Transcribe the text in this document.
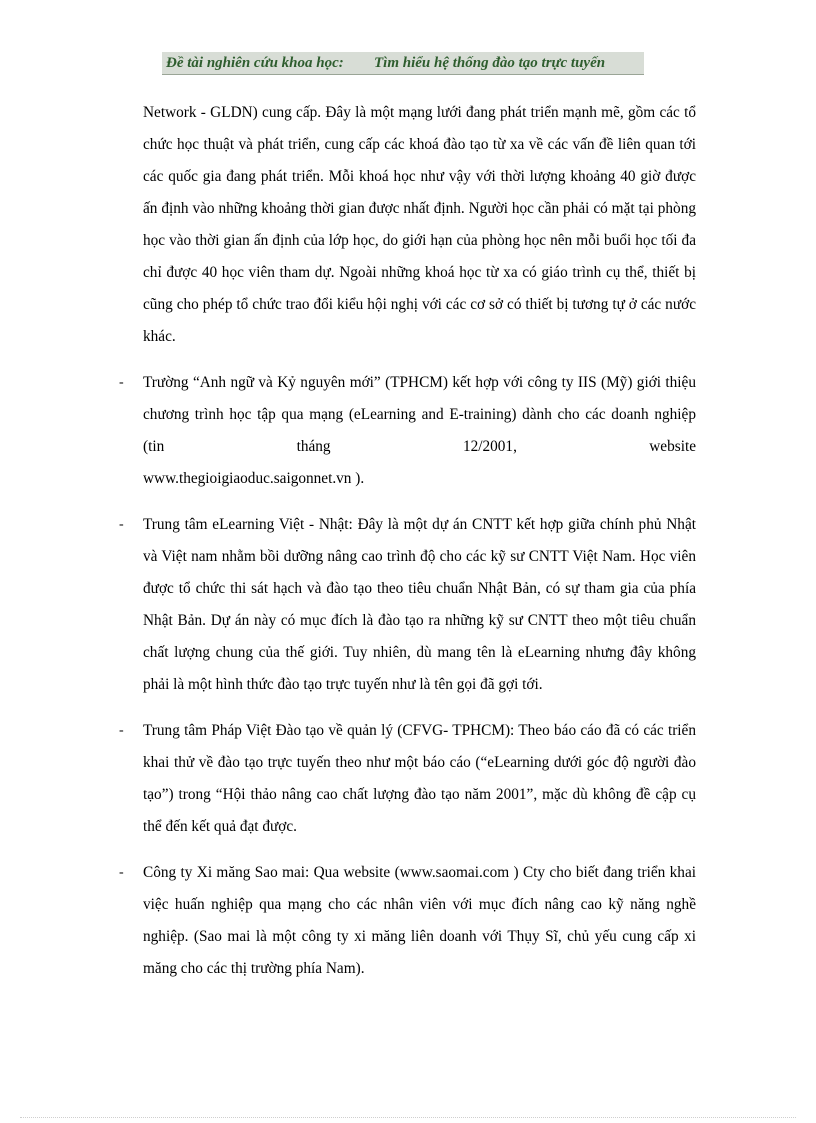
Đề tài nghiên cứu khoa học: Tìm hiểu hệ thống đào tạo trực tuyến
Network - GLDN) cung cấp. Đây là một mạng lưới đang phát triển mạnh mẽ, gồm các tổ chức học thuật và phát triển, cung cấp các khoá đào tạo từ xa về các vấn đề liên quan tới các quốc gia đang phát triển. Mỗi khoá học như vậy với thời lượng khoảng 40 giờ được ấn định vào những khoảng thời gian được nhất định. Người học cần phải có mặt tại phòng học vào thời gian ấn định của lớp học, do giới hạn của phòng học nên mỗi buổi học tối đa chỉ được 40 học viên tham dự. Ngoài những khoá học từ xa có giáo trình cụ thể, thiết bị cũng cho phép tổ chức trao đổi kiểu hội nghị với các cơ sở có thiết bị tương tự ở các nước khác.
- Trường “Anh ngữ và Kỷ nguyên mới” (TPHCM) kết hợp với công ty IIS (Mỹ) giới thiệu chương trình học tập qua mạng (eLearning and E-training) dành cho các doanh nghiệp (tin tháng 12/2001, website
www.thegioigiaoduc.saigonnet.vn ).
- Trung tâm eLearning Việt - Nhật: Đây là một dự án CNTT kết hợp giữa chính phủ Nhật và Việt nam nhằm bồi dưỡng nâng cao trình độ cho các kỹ sư CNTT Việt Nam. Học viên được tổ chức thi sát hạch và đào tạo theo tiêu chuẩn Nhật Bản, có sự tham gia của phía Nhật Bản. Dự án này có mục đích là đào tạo ra những kỹ sư CNTT theo một tiêu chuẩn chất lượng chung của thế giới. Tuy nhiên, dù mang tên là eLearning nhưng đây không phải là một hình thức đào tạo trực tuyến như là tên gọi đã gợi tới.
- Trung tâm Pháp Việt Đào tạo về quản lý (CFVG- TPHCM): Theo báo cáo đã có các triển khai thử về đào tạo trực tuyến theo như một báo cáo (“eLearning dưới góc độ người đào tạo”) trong “Hội thảo nâng cao chất lượng đào tạo năm 2001”, mặc dù không đề cập cụ thể đến kết quả đạt được.
- Công ty Xi măng Sao mai: Qua website (www.saomai.com ) Cty cho biết đang triển khai việc huấn nghiệp qua mạng cho các nhân viên với mục đích nâng cao kỹ năng nghề nghiệp. (Sao mai là một công ty xi măng liên doanh với Thụy Sĩ, chủ yếu cung cấp xi măng cho các thị trường phía Nam).
